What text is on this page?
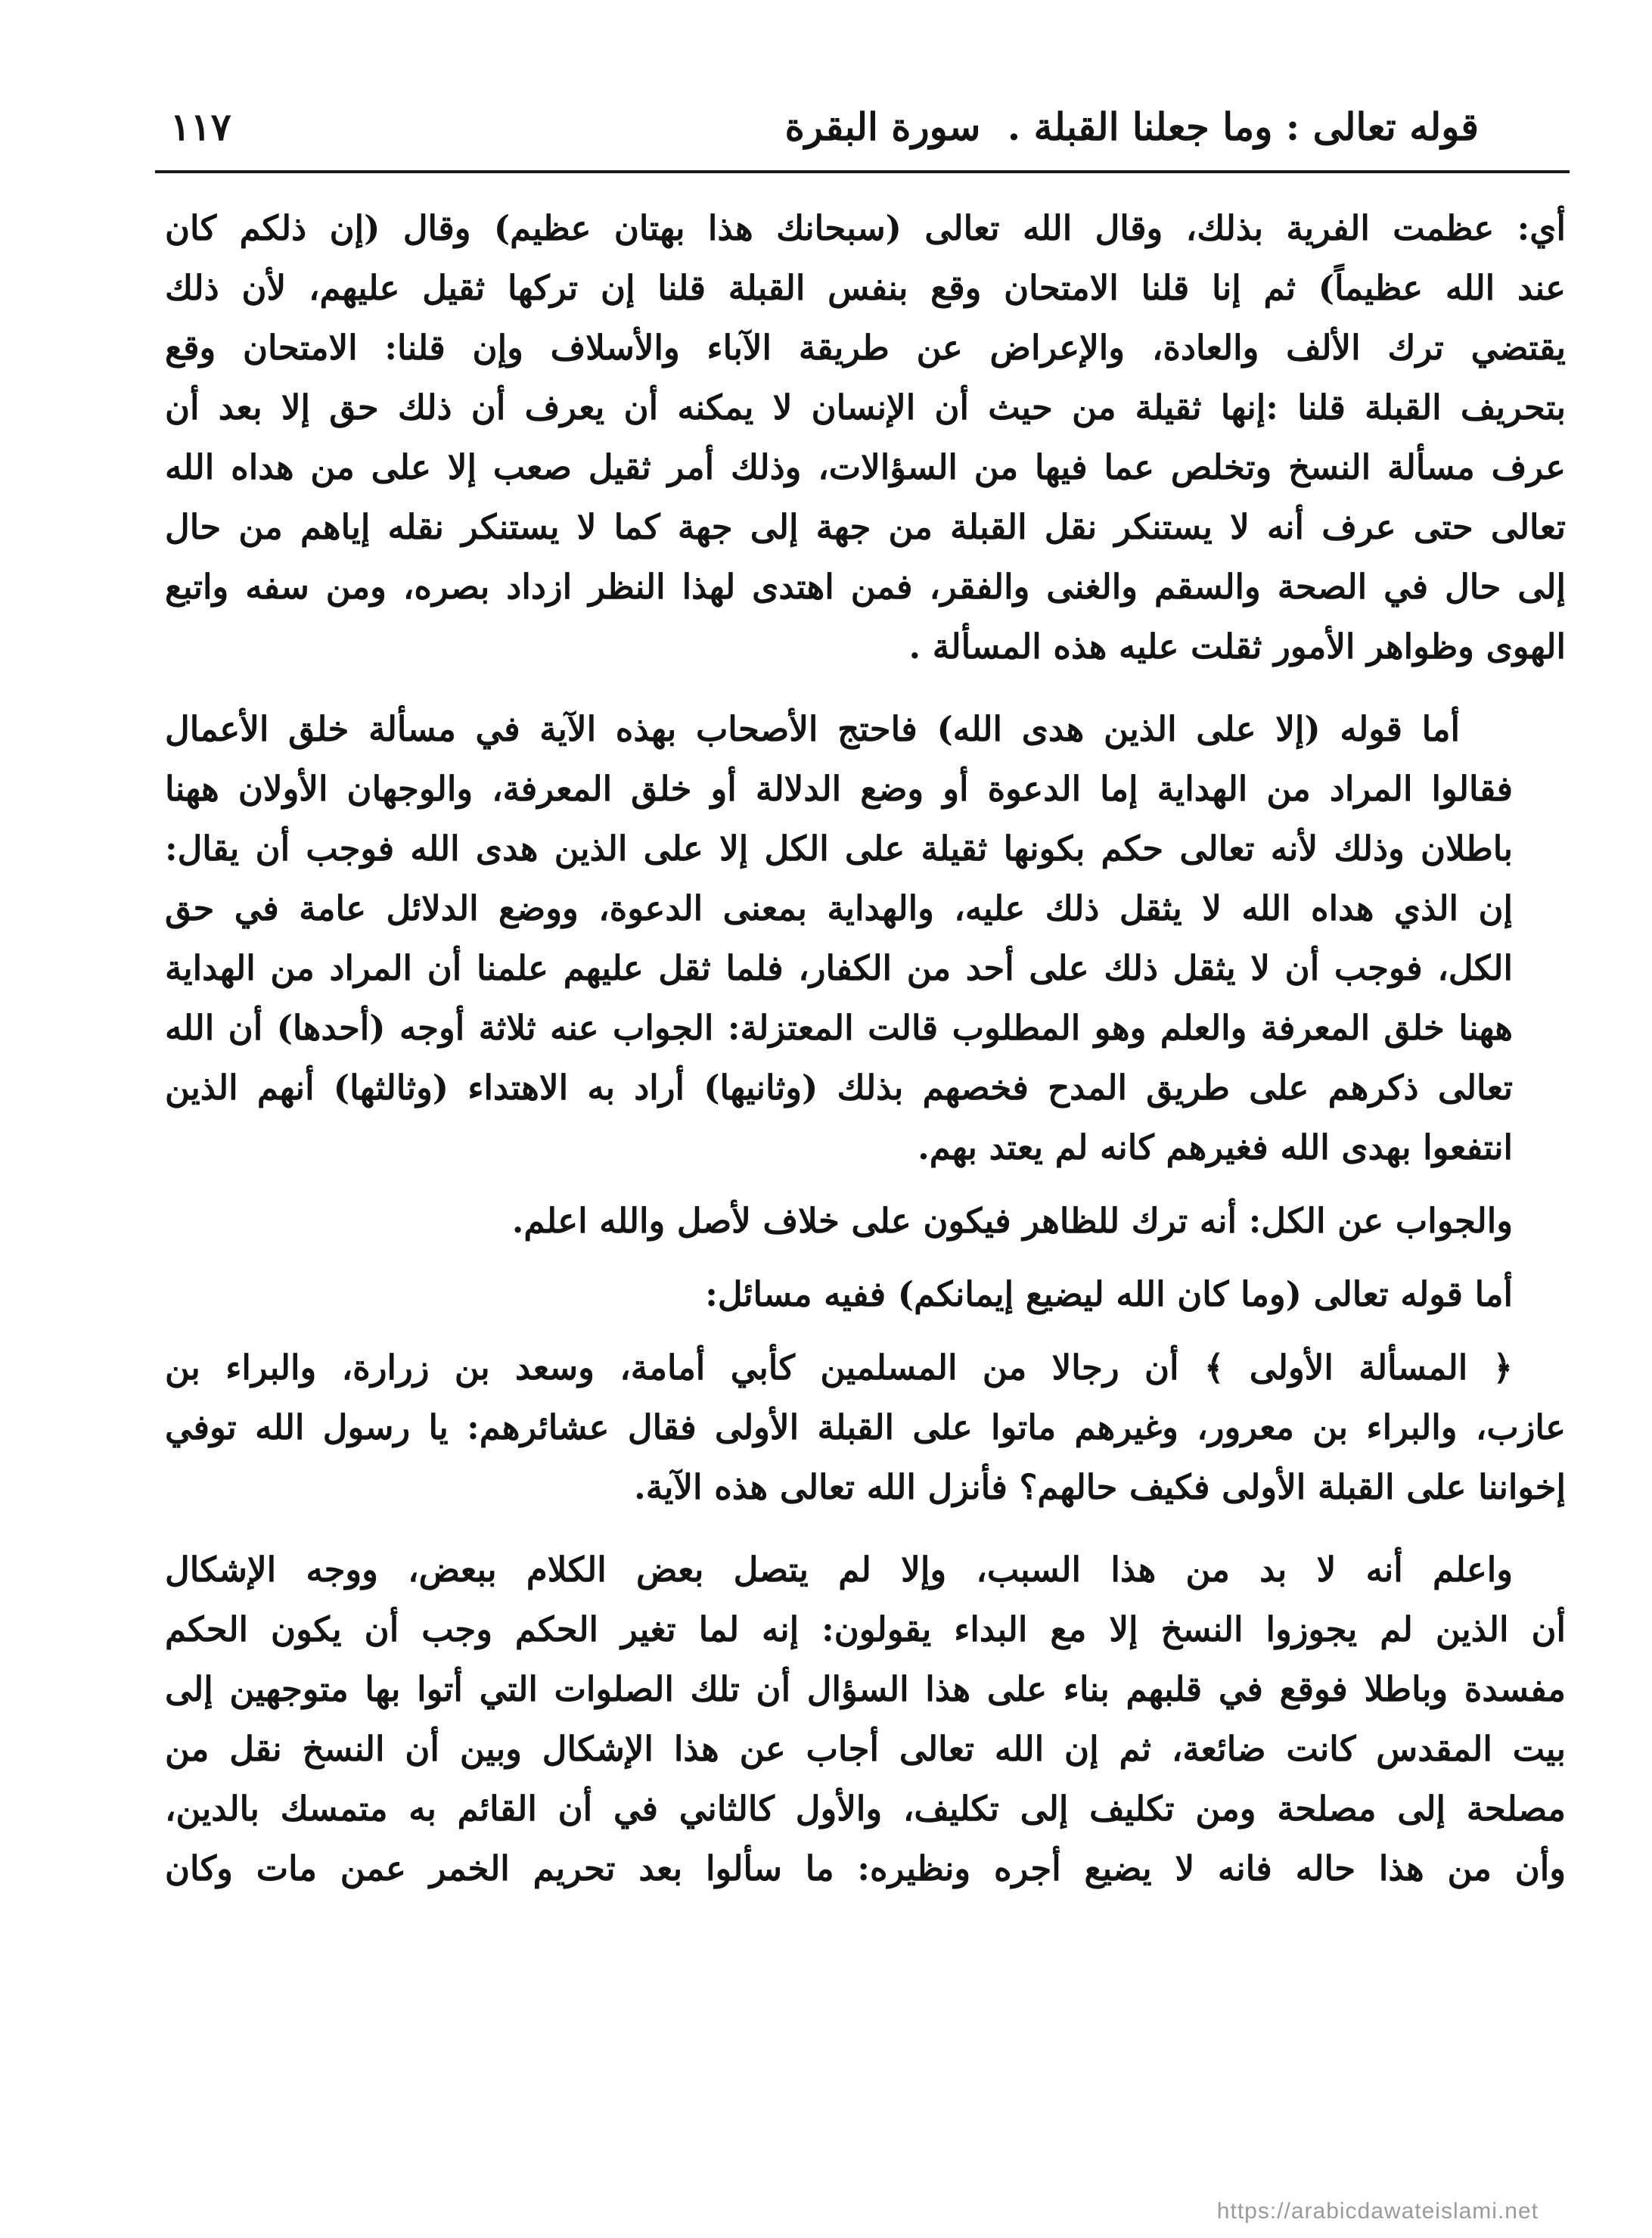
قوله تعالى : وما جعلنا القبلة . سورة البقرة
١١٧
أي: عظمت الفرية بذلك، وقال الله تعالى (سبحانك هذا بهتان عظيم) وقال (إن ذلكم كان
عند الله عظيماً) ثم إنا قلنا الامتحان وقع بنفس القبلة قلنا إن تركها ثقيل عليهم، لأن ذلك
يقتضي ترك الألف والعادة، والإعراض عن طريقة الآباء والأسلاف وإن قلنا: الامتحان وقع
بتحريف القبلة قلنا :إنها ثقيلة من حيث أن الإنسان لا يمكنه أن يعرف أن ذلك حق إلا بعد أن
عرف مسألة النسخ وتخلص عما فيها من السؤالات، وذلك أمر ثقيل صعب إلا على من هداه الله
تعالى حتى عرف أنه لا يستنكر نقل القبلة من جهة إلى جهة كما لا يستنكر نقله إياهم من حال
إلى حال في الصحة والسقم والغنى والفقر، فمن اهتدى لهذا النظر ازداد بصره، ومن سفه واتبع
الهوى وظواهر الأمور ثقلت عليه هذه المسألة .
أما قوله (إلا على الذين هدى الله) فاحتج الأصحاب بهذه الآية في مسألة خلق الأعمال
فقالوا المراد من الهداية إما الدعوة أو وضع الدلالة أو خلق المعرفة، والوجهان الأولان ههنا
باطلان وذلك لأنه تعالى حكم بكونها ثقيلة على الكل إلا على الذين هدى الله فوجب أن يقال:
إن الذي هداه الله لا يثقل ذلك عليه، والهداية بمعنى الدعوة، ووضع الدلائل عامة في حق
الكل، فوجب أن لا يثقل ذلك على أحد من الكفار، فلما ثقل عليهم علمنا أن المراد من الهداية
ههنا خلق المعرفة والعلم وهو المطلوب قالت المعتزلة: الجواب عنه ثلاثة أوجه (أحدها) أن الله
تعالى ذكرهم على طريق المدح فخصهم بذلك (وثانيها) أراد به الاهتداء (وثالثها) أنهم الذين
انتفعوا بهدى الله فغيرهم كانه لم يعتد بهم.
والجواب عن الكل: أنه ترك للظاهر فيكون على خلاف لأصل والله اعلم.
أما قوله تعالى (وما كان الله ليضيع إيمانكم) ففيه مسائل:
﴿ المسألة الأولى ﴾ أن رجالا من المسلمين كأبي أمامة، وسعد بن زرارة، والبراء بن
عازب، والبراء بن معرور، وغيرهم ماتوا على القبلة الأولى فقال عشائرهم: يا رسول الله توفي
إخواننا على القبلة الأولى فكيف حالهم؟ فأنزل الله تعالى هذه الآية.
واعلم أنه لا بد من هذا السبب، وإلا لم يتصل بعض الكلام ببعض، ووجه الإشكال
أن الذين لم يجوزوا النسخ إلا مع البداء يقولون: إنه لما تغير الحكم وجب أن يكون الحكم
مفسدة وباطلا فوقع في قلبهم بناء على هذا السؤال أن تلك الصلوات التي أتوا بها متوجهين إلى
بيت المقدس كانت ضائعة، ثم إن الله تعالى أجاب عن هذا الإشكال وبين أن النسخ نقل من
مصلحة إلى مصلحة ومن تكليف إلى تكليف، والأول كالثاني في أن القائم به متمسك بالدين،
وأن من هذا حاله فانه لا يضيع أجره ونظيره: ما سألوا بعد تحريم الخمر عمن مات وكان
https://arabicdawateislami.net
